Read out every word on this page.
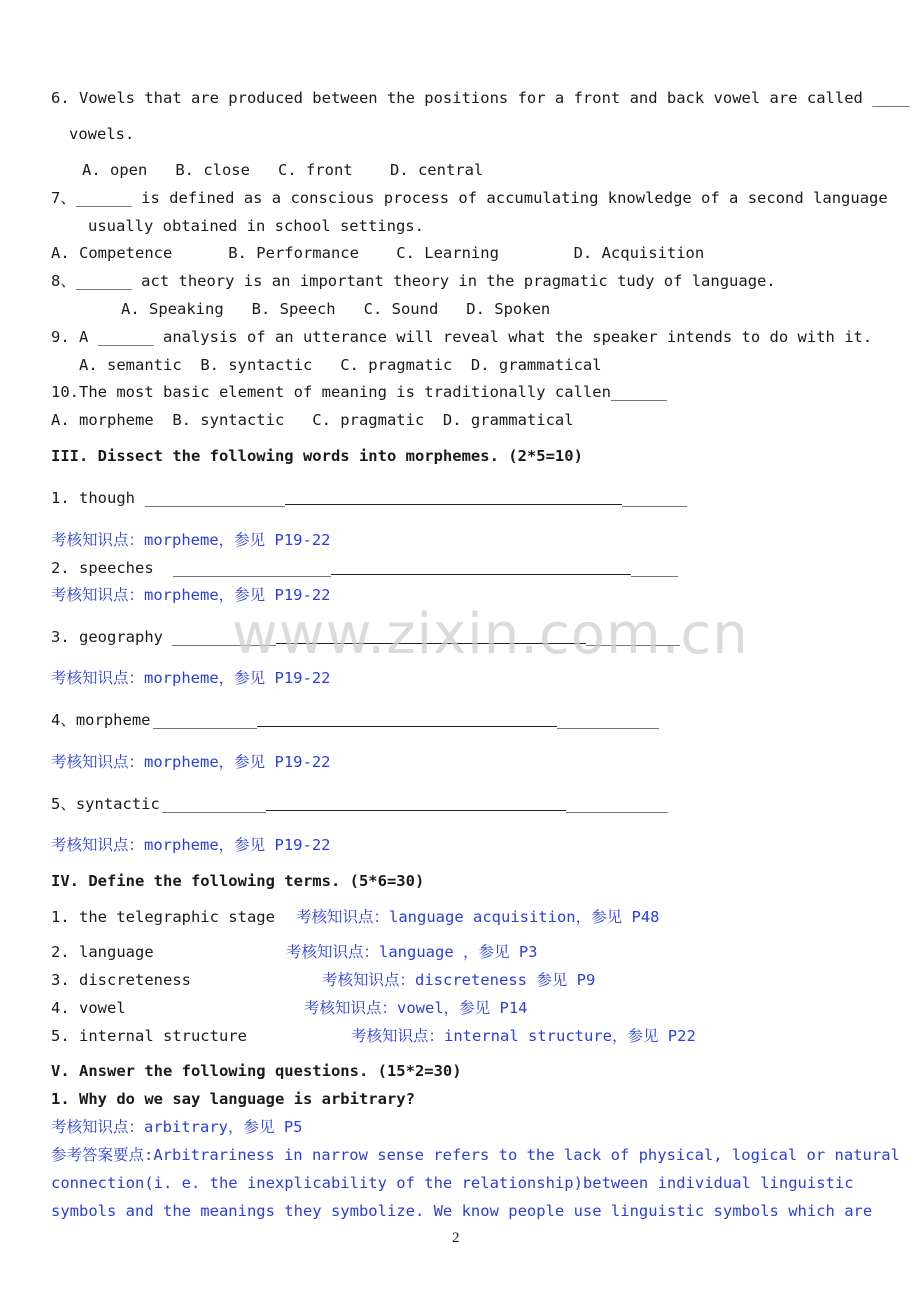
6. Vowels that are produced between the positions for a front and back vowel are called ____
vowels.
A. open   B. close   C. front    D. central
7、______ is defined as a conscious process of accumulating knowledge of a second language
usually obtained in school settings.
A. Competence      B. Performance    C. Learning        D. Acquisition
8、______ act theory is an important theory in the pragmatic tudy of language.
A. Speaking   B. Speech   C. Sound   D. Spoken
9. A ______ analysis of an utterance will reveal what the speaker intends to do with it.
A. semantic  B. syntactic   C. pragmatic  D. grammatical
10.The most basic element of meaning is traditionally callen______
A. morpheme  B. syntactic   C. pragmatic  D. grammatical
III. Dissect the following words into morphemes. (2*5=10)
1. though
考核知识点：morpheme，参见 P19-22
2. speeches
考核知识点：morpheme，参见 P19-22
3. geography
考核知识点：morpheme，参见 P19-22
4、morpheme
考核知识点：morpheme，参见 P19-22
5、syntactic
考核知识点：morpheme，参见 P19-22
www.zixin.com.cn
IV. Define the following terms. (5*6=30)
1. the telegraphic stage 考核知识点：language acquisition，参见 P48
2. language	考核知识点：language ，参见 P3
3. discreteness	考核知识点：discreteness 参见 P9
4. vowel	考核知识点：vowel，参见 P14
5. internal structure	考核知识点：internal structure，参见 P22
V. Answer the following questions. (15*2=30)
1. Why do we say language is arbitrary?
考核知识点：arbitrary，参见 P5
参考答案要点:Arbitrariness in narrow sense refers to the lack of physical, logical or natural
connection(i. e. the inexplicability of the relationship)between individual linguistic
symbols and the meanings they symbolize. We know people use linguistic symbols which are
2
